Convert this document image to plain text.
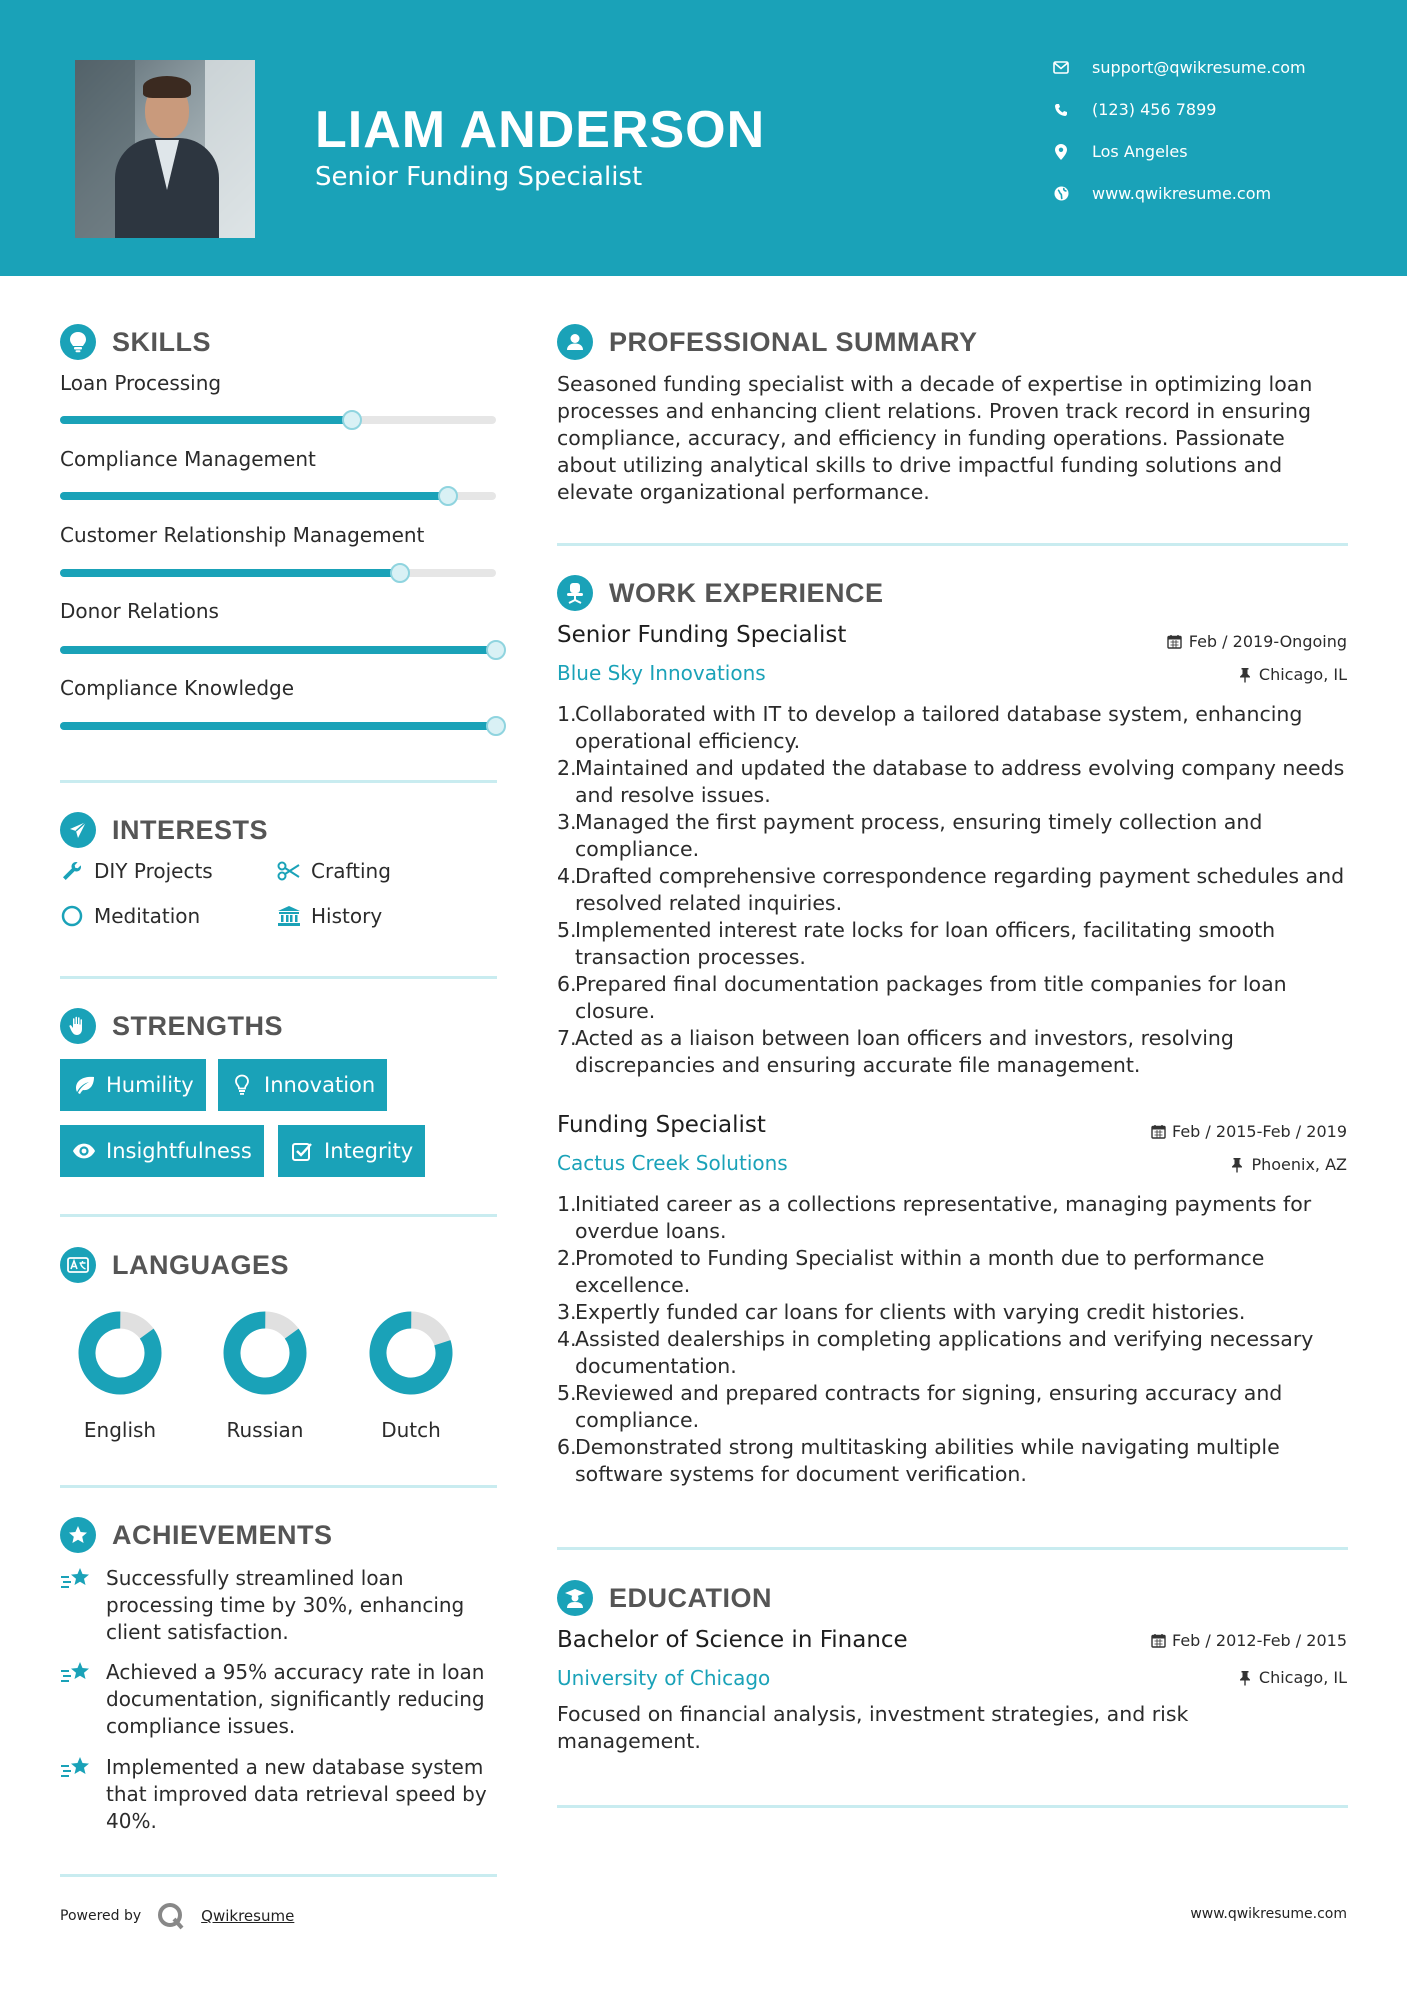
LIAM ANDERSON
Senior Funding Specialist
support@qwikresume.com
(123) 456 7899
Los Angeles
www.qwikresume.com
SKILLS
Loan Processing
Compliance Management
Customer Relationship Management
Donor Relations
Compliance Knowledge
INTERESTS
DIY Projects	Crafting
Meditation	History
STRENGTHS
Humility	Innovation
Insightfulness	Integrity
LANGUAGES
English	Russian	Dutch
ACHIEVEMENTS
Successfully streamlined loan processing time by 30%, enhancing client satisfaction.
Achieved a 95% accuracy rate in loan documentation, significantly reducing compliance issues.
Implemented a new database system that improved data retrieval speed by 40%.
PROFESSIONAL SUMMARY
Seasoned funding specialist with a decade of expertise in optimizing loan processes and enhancing client relations. Proven track record in ensuring compliance, accuracy, and efficiency in funding operations. Passionate about utilizing analytical skills to drive impactful funding solutions and elevate organizational performance.
WORK EXPERIENCE
Senior Funding Specialist	Feb / 2019-Ongoing
Blue Sky Innovations	Chicago, IL
1.
Collaborated with IT to develop a tailored database system, enhancing operational efficiency.
2.
Maintained and updated the database to address evolving company needs and resolve issues.
3.
Managed the first payment process, ensuring timely collection and compliance.
4.
Drafted comprehensive correspondence regarding payment schedules and resolved related inquiries.
5.
Implemented interest rate locks for loan officers, facilitating smooth transaction processes.
6.
Prepared final documentation packages from title companies for loan closure.
7.
Acted as a liaison between loan officers and investors, resolving discrepancies and ensuring accurate file management.
Funding Specialist	Feb / 2015-Feb / 2019
Cactus Creek Solutions	Phoenix, AZ
1.
Initiated career as a collections representative, managing payments for overdue loans.
2.
Promoted to Funding Specialist within a month due to performance excellence.
3.
Expertly funded car loans for clients with varying credit histories.
4.
Assisted dealerships in completing applications and verifying necessary documentation.
5.
Reviewed and prepared contracts for signing, ensuring accuracy and compliance.
6.
Demonstrated strong multitasking abilities while navigating multiple software systems for document verification.
EDUCATION
Bachelor of Science in Finance	Feb / 2012-Feb / 2015
University of Chicago	Chicago, IL
Focused on financial analysis, investment strategies, and risk management.
Powered by	Qwikresume	www.qwikresume.com
